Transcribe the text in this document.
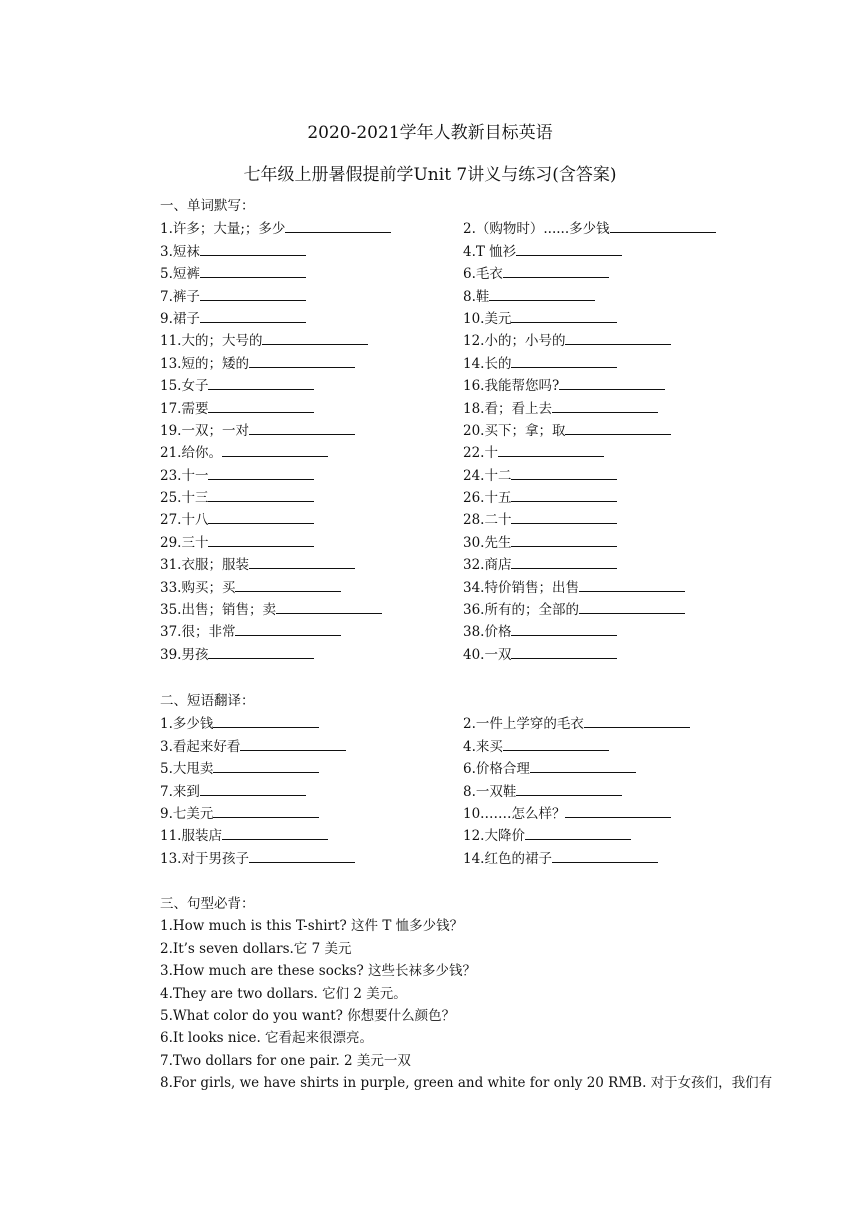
2020-2021学年人教新目标英语
七年级上册暑假提前学Unit 7讲义与练习(含答案)
一、单词默写：
1.许多；大量;；多少	2.（购物时）......多少钱
3.短袜	4.T 恤衫
5.短裤	6.毛衣
7.裤子	8.鞋
9.裙子	10.美元
11.大的；大号的	12.小的；小号的
13.短的；矮的	14.长的
15.女子	16.我能帮您吗?
17.需要	18.看；看上去
19.一双；一对	20.买下；拿；取
21.给你。	22.十
23.十一	24.十二
25.十三	26.十五
27.十八	28.二十
29.三十	30.先生
31.衣服；服装	32.商店
33.购买；买	34.特价销售；出售
35.出售；销售；卖	36.所有的；全部的
37.很；非常	38.价格
39.男孩	40.一双
二、短语翻译：
1.多少钱	2.一件上学穿的毛衣
3.看起来好看	4.来买
5.大甩卖	6.价格合理
7.来到	8.一双鞋
9.七美元	10.……怎么样？
11.服装店	12.大降价
13.对于男孩子	14.红色的裙子
三、句型必背：
1.How much is this T-shirt? 这件 T 恤多少钱？
2.It’s seven dollars.它 7 美元
3.How much are these socks? 这些长袜多少钱？
4.They are two dollars. 它们 2 美元。
5.What color do you want? 你想要什么颜色？
6.It looks nice. 它看起来很漂亮。
7.Two dollars for one pair. 2 美元一双
8.For girls, we have shirts in purple, green and white for only 20 RMB. 对于女孩们，我们有
